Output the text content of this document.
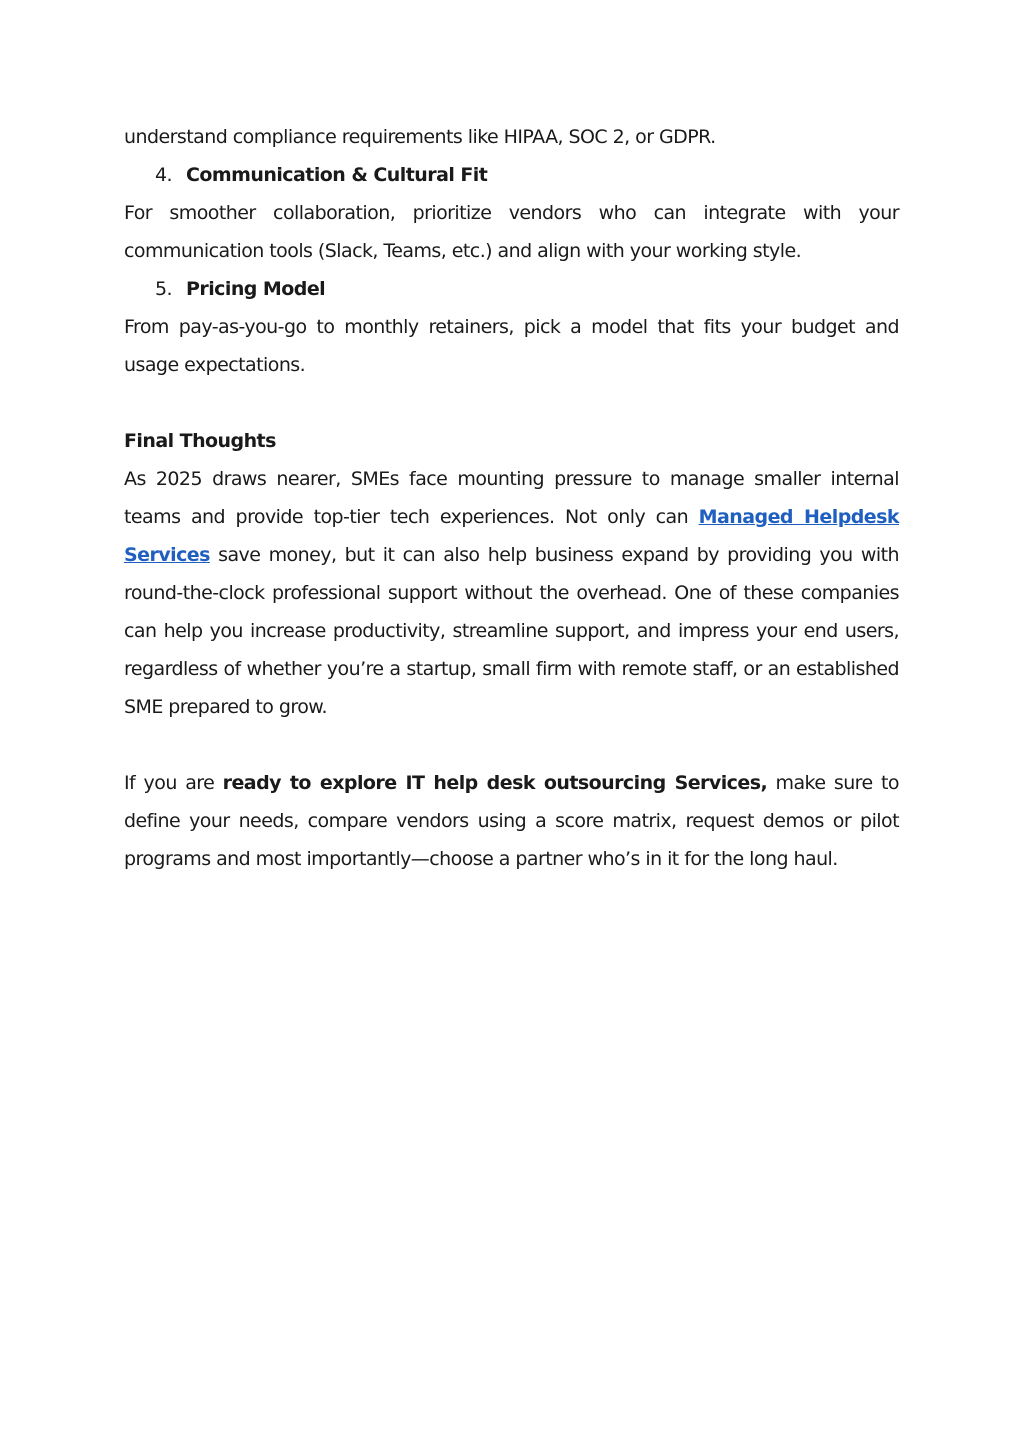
understand compliance requirements like HIPAA, SOC 2, or GDPR.

4. Communication & Cultural Fit

For smoother collaboration, prioritize vendors who can integrate with your communication tools (Slack, Teams, etc.) and align with your working style.

5. Pricing Model

From pay-as-you-go to monthly retainers, pick a model that fits your budget and usage expectations.

Final Thoughts

As 2025 draws nearer, SMEs face mounting pressure to manage smaller internal teams and provide top-tier tech experiences. Not only can Managed Helpdesk Services save money, but it can also help business expand by providing you with round-the-clock professional support without the overhead. One of these companies can help you increase productivity, streamline support, and impress your end users, regardless of whether you’re a startup, small firm with remote staff, or an established SME prepared to grow.

If you are ready to explore IT help desk outsourcing Services, make sure to define your needs, compare vendors using a score matrix, request demos or pilot programs and most importantly—choose a partner who’s in it for the long haul.
